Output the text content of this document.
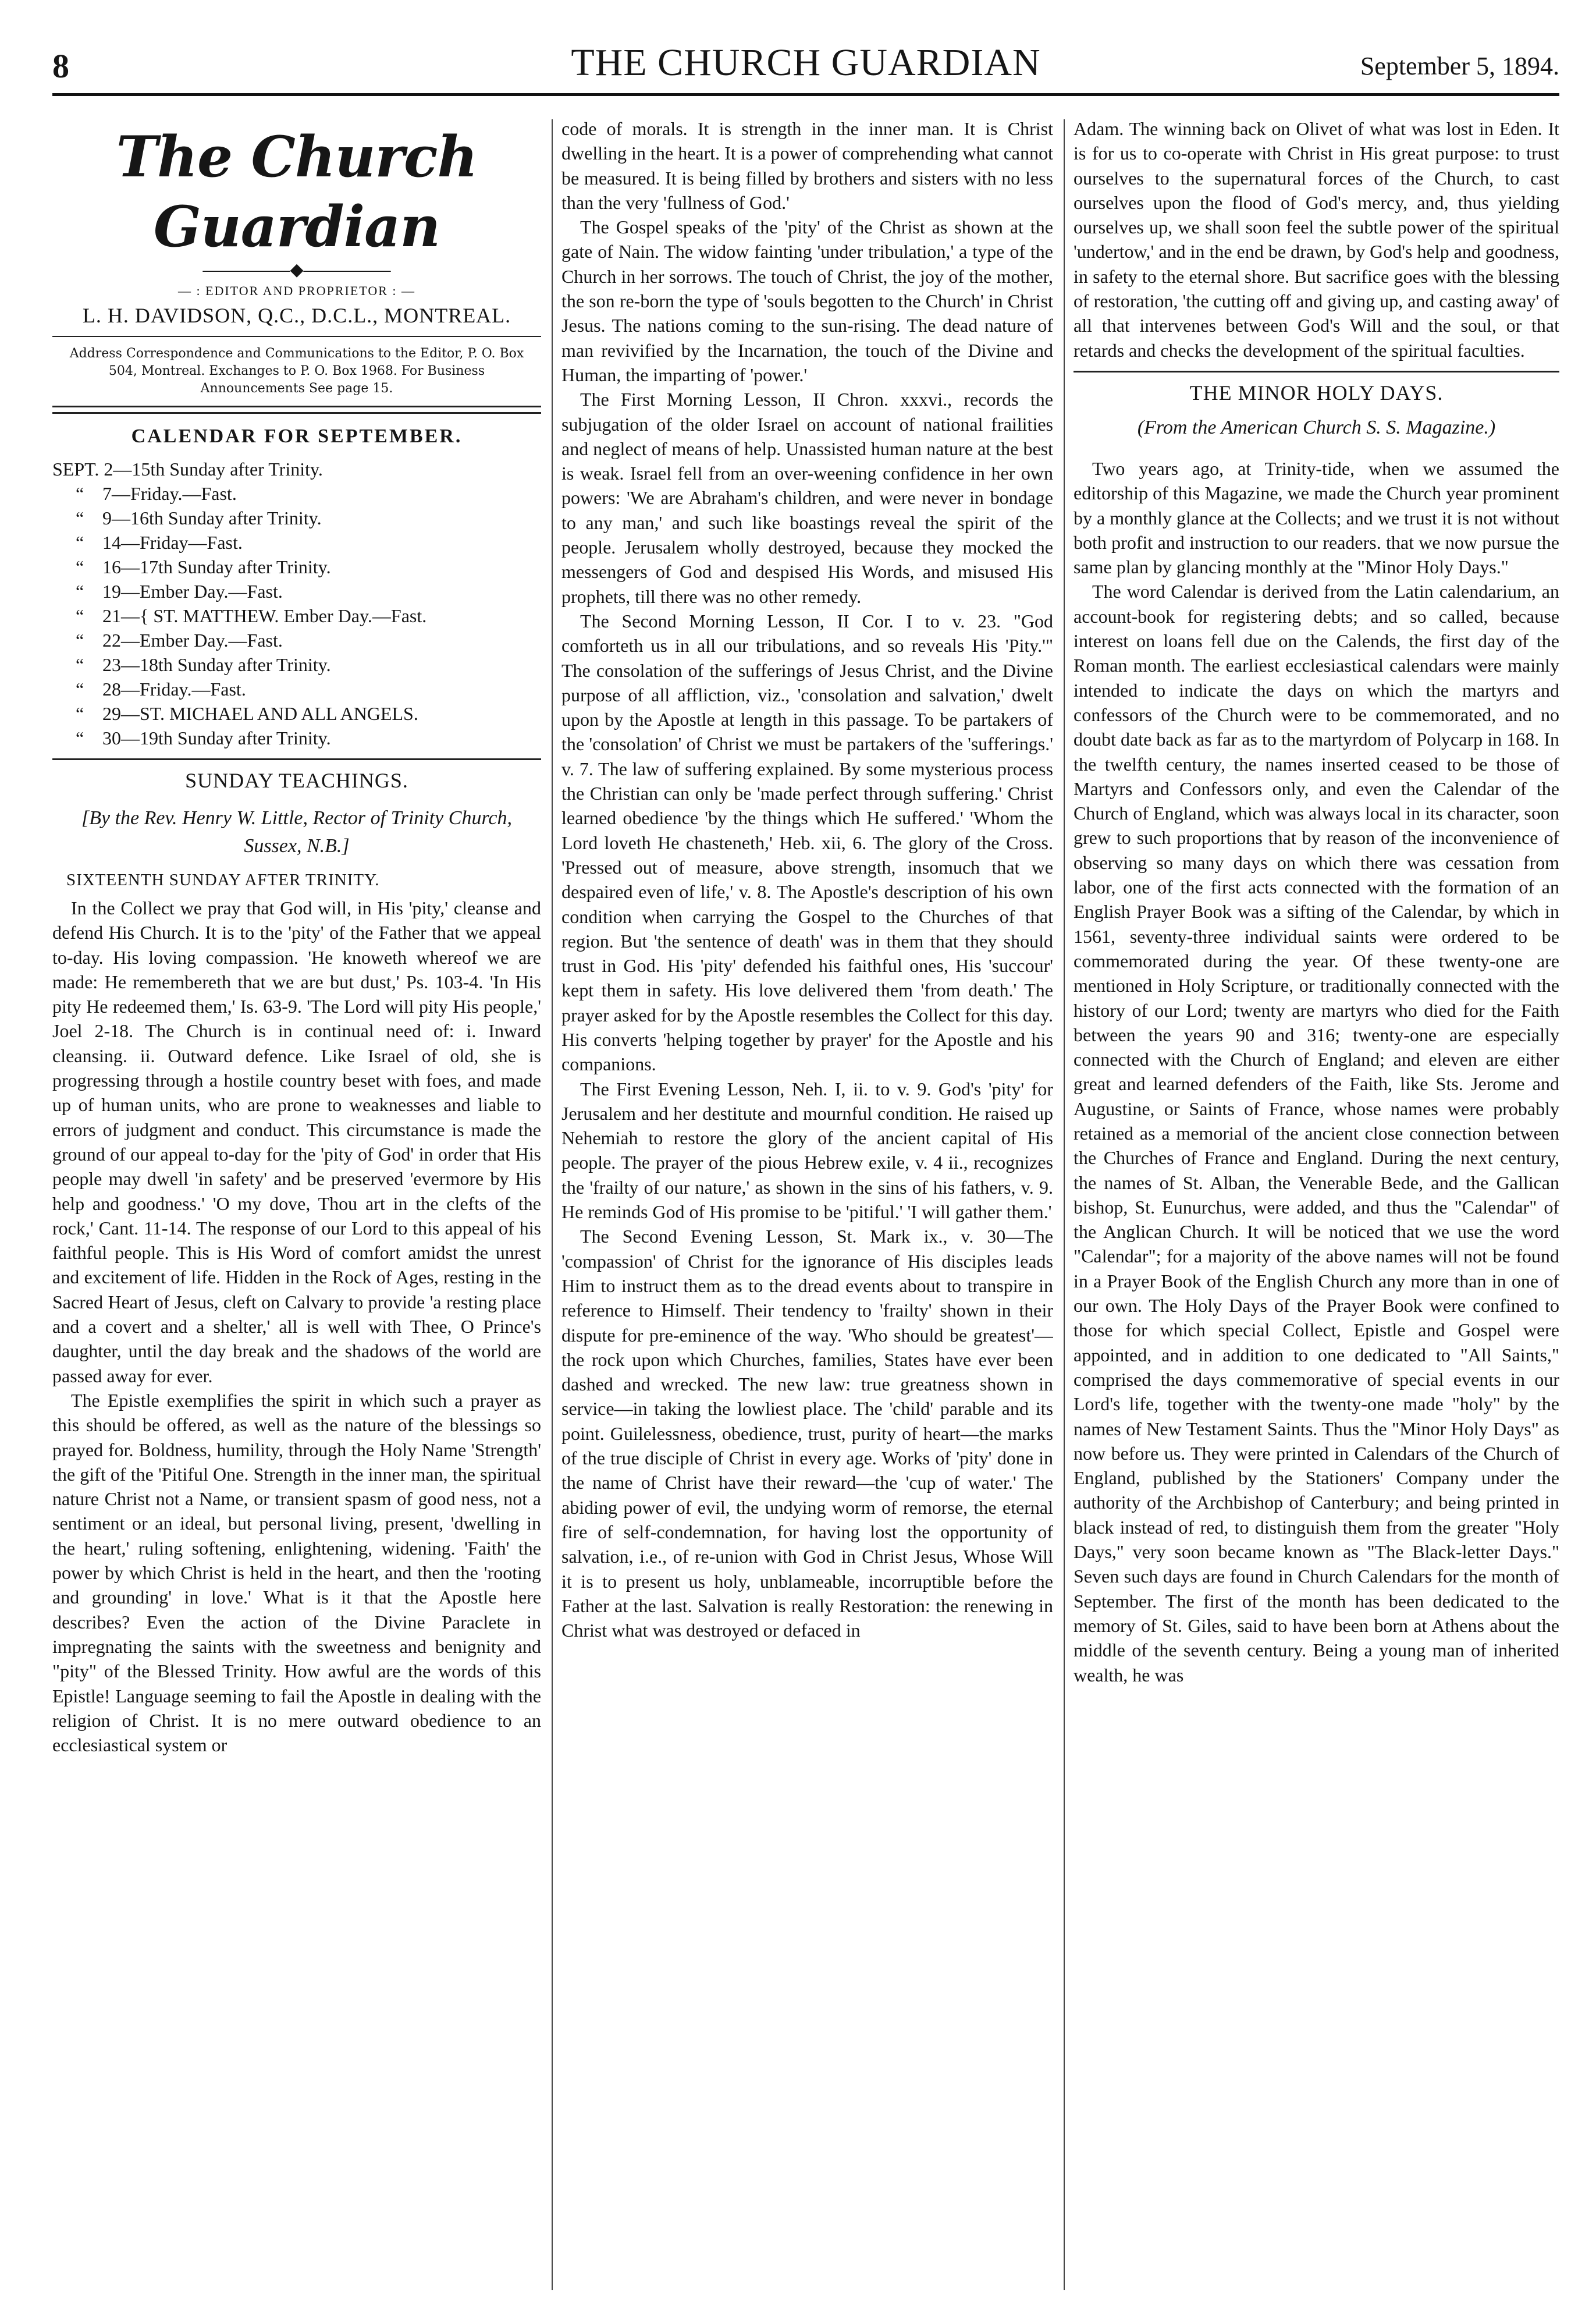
8	THE CHURCH GUARDIAN	September 5, 1894.
The Church Guardian
—————◆—————
— : EDITOR AND PROPRIETOR : —
L. H. DAVIDSON, Q.C., D.C.L., MONTREAL.

Address Correspondence and Communications to the Editor, P. O. Box 504, Montreal. Exchanges to P. O. Box 1968. For Business Announcements See page 15.

CALENDAR FOR SEPTEMBER.
SEPT. 2—15th Sunday after Trinity.
“ 7—Friday.—Fast.
“ 9—16th Sunday after Trinity.
“ 14—Friday—Fast.
“ 16—17th Sunday after Trinity.
“ 19—Ember Day.—Fast.
“ 21—{ ST. MATTHEW. Ember Day.—Fast.
“ 22—Ember Day.—Fast.
“ 23—18th Sunday after Trinity.
“ 28—Friday.—Fast.
“ 29—ST. MICHAEL AND ALL ANGELS.
“ 30—19th Sunday after Trinity.
SUNDAY TEACHINGS.
[By the Rev. Henry W. Little, Rector of Trinity Church, Sussex, N.B.]
SIXTEENTH SUNDAY AFTER TRINITY.

In the Collect we pray that God will, in His 'pity,' cleanse and defend His Church. It is to the 'pity' of the Father that we appeal to-day. His loving compassion. 'He knoweth whereof we are made: He remembereth that we are but dust,' Ps. 103-4. 'In His pity He redeemed them,' Is. 63-9. 'The Lord will pity His people,' Joel 2-18. The Church is in continual need of: i. Inward cleansing. ii. Outward defence. Like Israel of old, she is progressing through a hostile country beset with foes, and made up of human units, who are prone to weaknesses and liable to errors of judgment and conduct. This circumstance is made the ground of our appeal to-day for the 'pity of God' in order that His people may dwell 'in safety' and be preserved 'evermore by His help and goodness.' 'O my dove, Thou art in the clefts of the rock,' Cant. 11-14. The response of our Lord to this appeal of his faithful people. This is His Word of comfort amidst the unrest and excitement of life. Hidden in the Rock of Ages, resting in the Sacred Heart of Jesus, cleft on Calvary to provide 'a resting place and a covert and a shelter,' all is well with Thee, O Prince's daughter, until the day break and the shadows of the world are passed away for ever.

The Epistle exemplifies the spirit in which such a prayer as this should be offered, as well as the nature of the blessings so prayed for. Boldness, humility, through the Holy Name 'Strength' the gift of the 'Pitiful One. Strength in the inner man, the spiritual nature Christ not a Name, or transient spasm of good ness, not a sentiment or an ideal, but personal living, present, 'dwelling in the heart,' ruling softening, enlightening, widening. 'Faith' the power by which Christ is held in the heart, and then the 'rooting and grounding' in love.' What is it that the Apostle here describes? Even the action of the Divine Paraclete in impregnating the saints with the sweetness and benignity and "pity" of the Blessed Trinity. How awful are the words of this Epistle! Language seeming to fail the Apostle in dealing with the religion of Christ. It is no mere outward obedience to an ecclesiastical system or

code of morals. It is strength in the inner man. It is Christ dwelling in the heart. It is a power of comprehending what cannot be measured. It is being filled by brothers and sisters with no less than the very 'fullness of God.'

The Gospel speaks of the 'pity' of the Christ as shown at the gate of Nain. The widow fainting 'under tribulation,' a type of the Church in her sorrows. The touch of Christ, the joy of the mother, the son re-born the type of 'souls begotten to the Church' in Christ Jesus. The nations coming to the sun-rising. The dead nature of man revivified by the Incarnation, the touch of the Divine and Human, the imparting of 'power.'

The First Morning Lesson, II Chron. xxxvi., records the subjugation of the older Israel on account of national frailities and neglect of means of help. Unassisted human nature at the best is weak. Israel fell from an over-weening confidence in her own powers: 'We are Abraham's children, and were never in bondage to any man,' and such like boastings reveal the spirit of the people. Jerusalem wholly destroyed, because they mocked the messengers of God and despised His Words, and misused His prophets, till there was no other remedy.

The Second Morning Lesson, II Cor. I to v. 23. "God comforteth us in all our tribulations, and so reveals His 'Pity.'" The consolation of the sufferings of Jesus Christ, and the Divine purpose of all affliction, viz., 'consolation and salvation,' dwelt upon by the Apostle at length in this passage. To be partakers of the 'consolation' of Christ we must be partakers of the 'sufferings.' v. 7. The law of suffering explained. By some mysterious process the Christian can only be 'made perfect through suffering.' Christ learned obedience 'by the things which He suffered.' 'Whom the Lord loveth He chasteneth,' Heb. xii, 6. The glory of the Cross. 'Pressed out of measure, above strength, insomuch that we despaired even of life,' v. 8. The Apostle's description of his own condition when carrying the Gospel to the Churches of that region. But 'the sentence of death' was in them that they should trust in God. His 'pity' defended his faithful ones, His 'succour' kept them in safety. His love delivered them 'from death.' The prayer asked for by the Apostle resembles the Collect for this day. His converts 'helping together by prayer' for the Apostle and his companions.

The First Evening Lesson, Neh. I, ii. to v. 9. God's 'pity' for Jerusalem and her destitute and mournful condition. He raised up Nehemiah to restore the glory of the ancient capital of His people. The prayer of the pious Hebrew exile, v. 4 ii., recognizes the 'frailty of our nature,' as shown in the sins of his fathers, v. 9. He reminds God of His promise to be 'pitiful.' 'I will gather them.'

The Second Evening Lesson, St. Mark ix., v. 30—The 'compassion' of Christ for the ignorance of His disciples leads Him to instruct them as to the dread events about to transpire in reference to Himself. Their tendency to 'frailty' shown in their dispute for pre-eminence of the way. 'Who should be greatest'—the rock upon which Churches, families, States have ever been dashed and wrecked. The new law: true greatness shown in service—in taking the lowliest place. The 'child' parable and its point. Guilelessness, obedience, trust, purity of heart—the marks of the true disciple of Christ in every age. Works of 'pity' done in the name of Christ have their reward—the 'cup of water.' The abiding power of evil, the undying worm of remorse, the eternal fire of self-condemnation, for having lost the opportunity of salvation, i.e., of re-union with God in Christ Jesus, Whose Will it is to present us holy, unblameable, incorruptible before the Father at the last. Salvation is really Restoration: the renewing in Christ what was destroyed or defaced in

Adam. The winning back on Olivet of what was lost in Eden. It is for us to co-operate with Christ in His great purpose: to trust ourselves to the supernatural forces of the Church, to cast ourselves upon the flood of God's mercy, and, thus yielding ourselves up, we shall soon feel the subtle power of the spiritual 'undertow,' and in the end be drawn, by God's help and goodness, in safety to the eternal shore. But sacrifice goes with the blessing of restoration, 'the cutting off and giving up, and casting away' of all that intervenes between God's Will and the soul, or that retards and checks the development of the spiritual faculties.

THE MINOR HOLY DAYS.
(From the American Church S. S. Magazine.)

Two years ago, at Trinity-tide, when we assumed the editorship of this Magazine, we made the Church year prominent by a monthly glance at the Collects; and we trust it is not without both profit and instruction to our readers. that we now pursue the same plan by glancing monthly at the "Minor Holy Days."

The word Calendar is derived from the Latin calendarium, an account-book for registering debts; and so called, because interest on loans fell due on the Calends, the first day of the Roman month. The earliest ecclesiastical calendars were mainly intended to indicate the days on which the martyrs and confessors of the Church were to be commemorated, and no doubt date back as far as to the martyrdom of Polycarp in 168. In the twelfth century, the names inserted ceased to be those of Martyrs and Confessors only, and even the Calendar of the Church of England, which was always local in its character, soon grew to such proportions that by reason of the inconvenience of observing so many days on which there was cessation from labor, one of the first acts connected with the formation of an English Prayer Book was a sifting of the Calendar, by which in 1561, seventy-three individual saints were ordered to be commemorated during the year. Of these twenty-one are mentioned in Holy Scripture, or traditionally connected with the history of our Lord; twenty are martyrs who died for the Faith between the years 90 and 316; twenty-one are especially connected with the Church of England; and eleven are either great and learned defenders of the Faith, like Sts. Jerome and Augustine, or Saints of France, whose names were probably retained as a memorial of the ancient close connection between the Churches of France and England. During the next century, the names of St. Alban, the Venerable Bede, and the Gallican bishop, St. Eunurchus, were added, and thus the "Calendar" of the Anglican Church. It will be noticed that we use the word "Calendar"; for a majority of the above names will not be found in a Prayer Book of the English Church any more than in one of our own. The Holy Days of the Prayer Book were confined to those for which special Collect, Epistle and Gospel were appointed, and in addition to one dedicated to "All Saints," comprised the days commemorative of special events in our Lord's life, together with the twenty-one made "holy" by the names of New Testament Saints. Thus the "Minor Holy Days" as now before us. They were printed in Calendars of the Church of England, published by the Stationers' Company under the authority of the Archbishop of Canterbury; and being printed in black instead of red, to distinguish them from the greater "Holy Days," very soon became known as "The Black-letter Days." Seven such days are found in Church Calendars for the month of September. The first of the month has been dedicated to the memory of St. Giles, said to have been born at Athens about the middle of the seventh century. Being a young man of inherited wealth, he was
